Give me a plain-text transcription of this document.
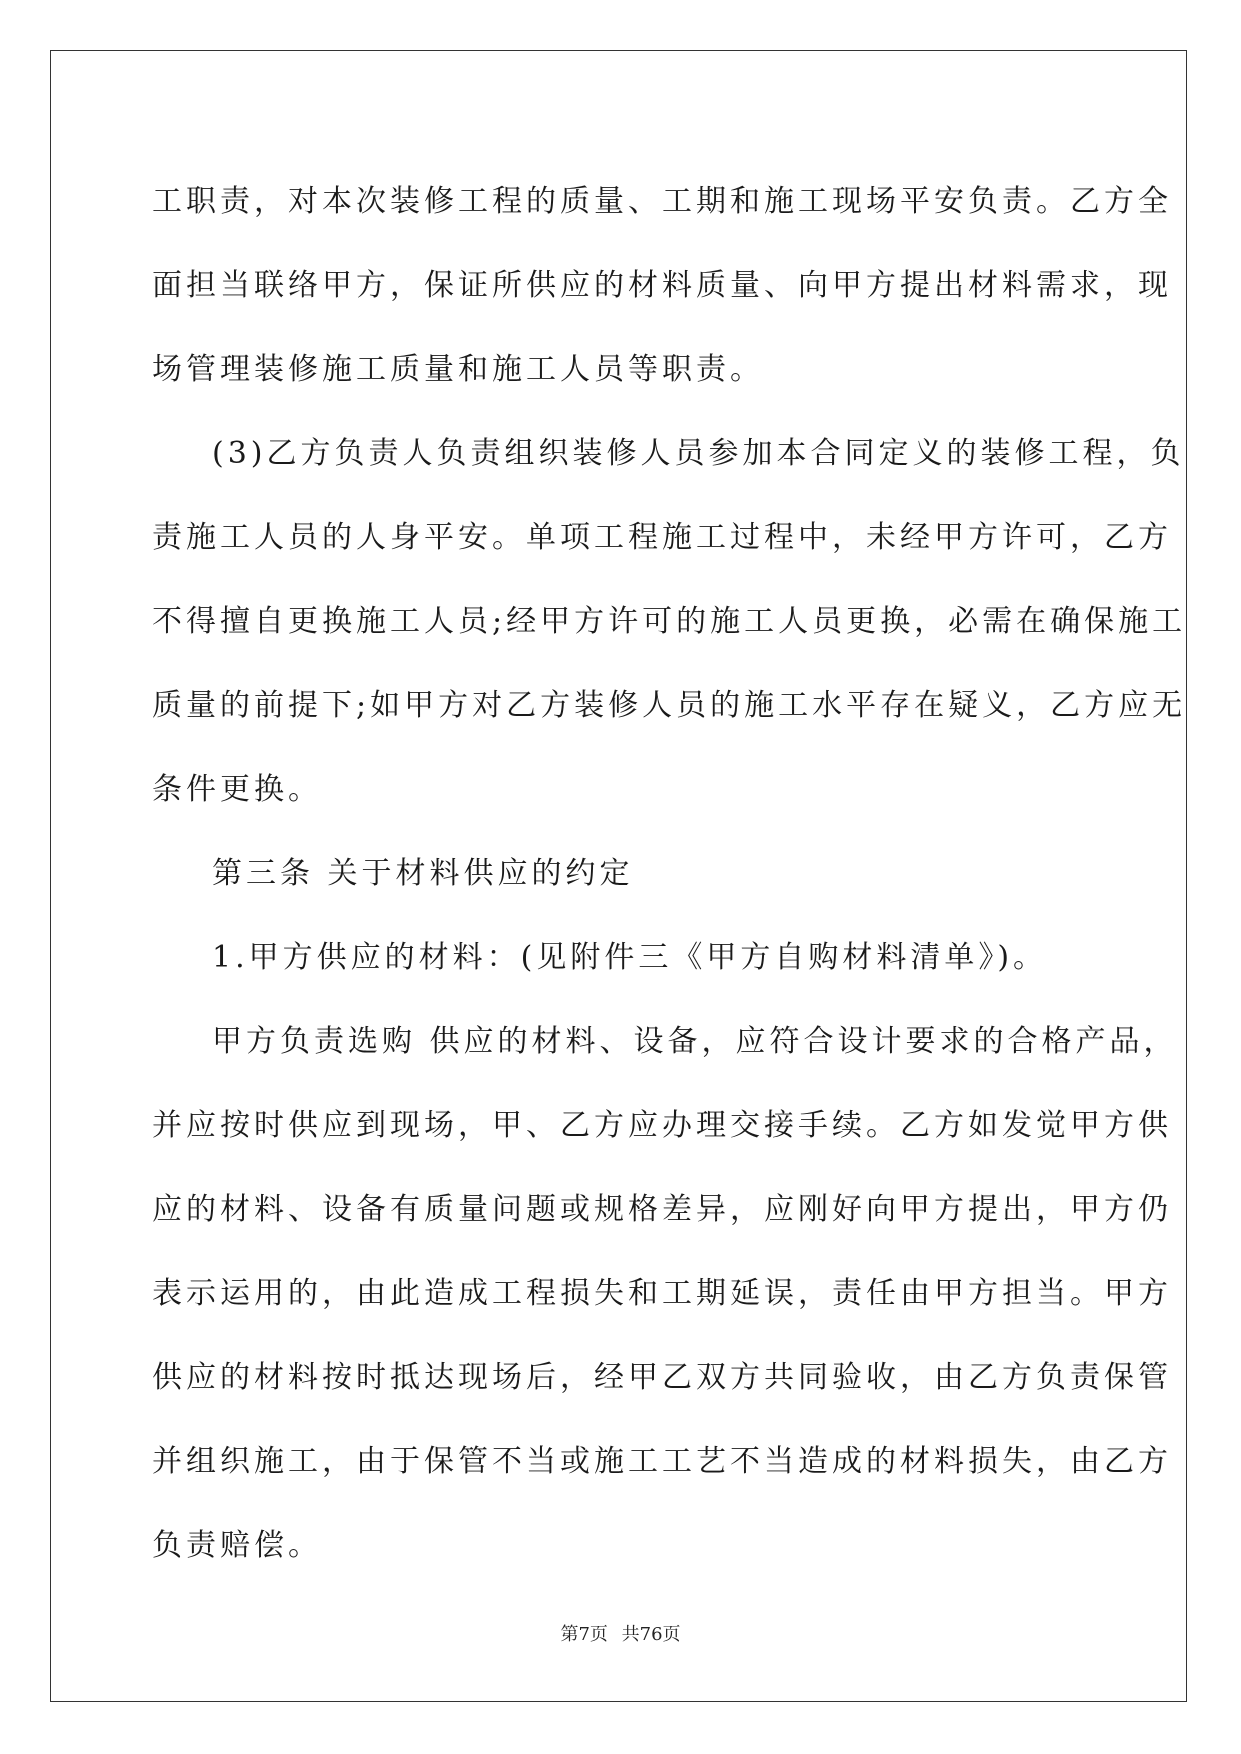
工职责，对本次装修工程的质量、工期和施工现场平安负责。乙方全
面担当联络甲方，保证所供应的材料质量、向甲方提出材料需求，现
场管理装修施工质量和施工人员等职责。
(3)乙方负责人负责组织装修人员参加本合同定义的装修工程，负
责施工人员的人身平安。单项工程施工过程中，未经甲方许可，乙方
不得擅自更换施工人员;经甲方许可的施工人员更换，必需在确保施工
质量的前提下;如甲方对乙方装修人员的施工水平存在疑义，乙方应无
条件更换。
第三条 关于材料供应的约定
1.甲方供应的材料：(见附件三《甲方自购材料清单》)。
甲方负责选购 供应的材料、设备，应符合设计要求的合格产品，
并应按时供应到现场，甲、乙方应办理交接手续。乙方如发觉甲方供
应的材料、设备有质量问题或规格差异，应刚好向甲方提出，甲方仍
表示运用的，由此造成工程损失和工期延误，责任由甲方担当。甲方
供应的材料按时抵达现场后，经甲乙双方共同验收，由乙方负责保管
并组织施工，由于保管不当或施工工艺不当造成的材料损失，由乙方
负责赔偿。
第7页 共76页
